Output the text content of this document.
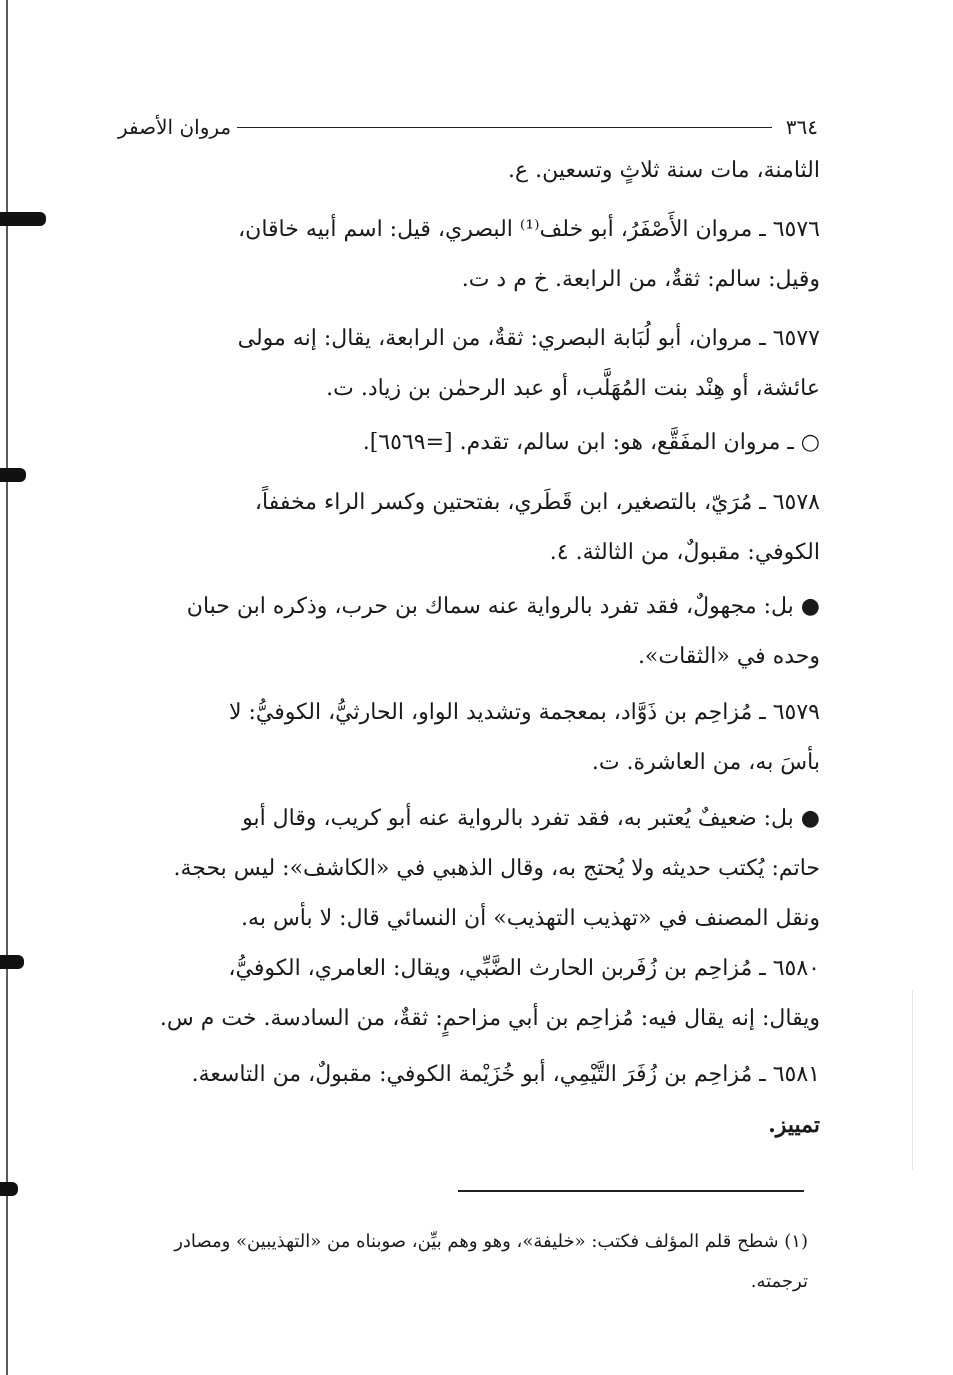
٣٦٤
مروان الأصفر
الثامنة، مات سنة ثلاثٍ وتسعين. ع.
٦٥٧٦ ـ مروان الأَصْفَرُ، أبو خلف⁽¹⁾ البصري، قيل: اسم أبيه خاقان،
وقيل: سالم: ثقةٌ، من الرابعة. خ م د ت.
٦٥٧٧ ـ مروان، أبو لُبَابة البصري: ثقةٌ، من الرابعة، يقال: إنه مولى
عائشة، أو هِنْد بنت المُهَلَّب، أو عبد الرحمٰن بن زياد. ت.
○ ـ مروان المفَقَّع، هو: ابن سالم، تقدم. [=٦٥٦٩].
٦٥٧٨ ـ مُرَيّ، بالتصغير، ابن قَطَري، بفتحتين وكسر الراء مخففاً،
الكوفي: مقبولٌ، من الثالثة. ٤.
● بل: مجهولٌ، فقد تفرد بالرواية عنه سماك بن حرب، وذكره ابن حبان
وحده في «الثقات».
٦٥٧٩ ـ مُزاحِم بن ذَوَّاد، بمعجمة وتشديد الواو، الحارثيُّ، الكوفيُّ: لا
بأسَ به، من العاشرة. ت.
● بل: ضعيفٌ يُعتبر به، فقد تفرد بالرواية عنه أبو كريب، وقال أبو
حاتم: يُكتب حديثه ولا يُحتج به، وقال الذهبي في «الكاشف»: ليس بحجة.
ونقل المصنف في «تهذيب التهذيب» أن النسائي قال: لا بأس به.
٦٥٨٠ ـ مُزاحِم بن زُفَربن الحارث الضَّبِّي، ويقال: العامري، الكوفيُّ،
ويقال: إنه يقال فيه: مُزاحِم بن أبي مزاحمٍ: ثقةٌ، من السادسة. خت م س.
٦٥٨١ ـ مُزاحِم بن زُفَرَ التَّيْمِي، أبو خُزَيْمة الكوفي: مقبولٌ، من التاسعة.
تمييز.
(١) شطح قلم المؤلف فكتب: «خليفة»، وهو وهم بيِّن، صوبناه من «التهذيبين» ومصادر
ترجمته.
